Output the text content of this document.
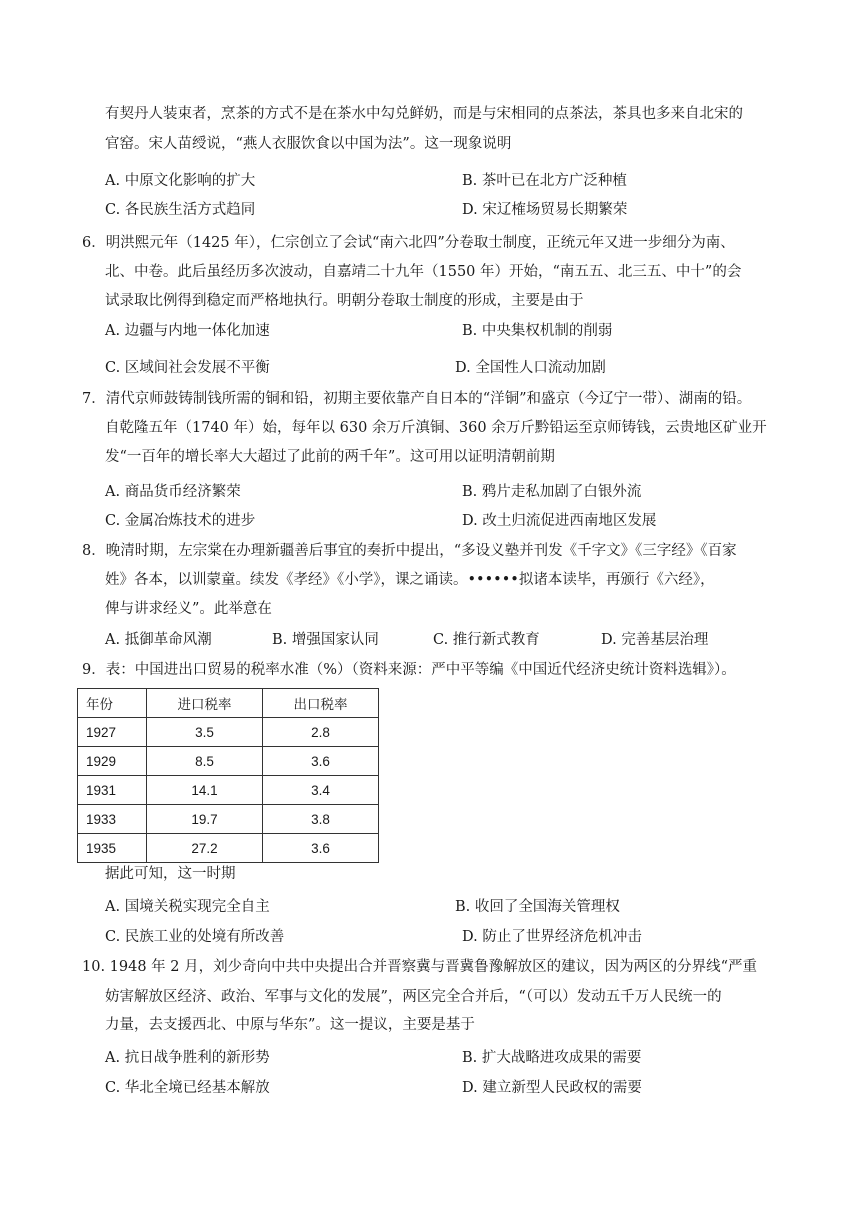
有契丹人装束者，烹茶的方式不是在茶水中勾兑鲜奶，而是与宋相同的点茶法，茶具也多来自北宋的
官窑。宋人苗绶说，“燕人衣服饮食以中国为法”。这一现象说明
A. 中原文化影响的扩大	B. 茶叶已在北方广泛种植
C. 各民族生活方式趋同	D. 宋辽榷场贸易长期繁荣
6．明洪熙元年（1425 年），仁宗创立了会试“南六北四”分卷取士制度，正统元年又进一步细分为南、
北、中卷。此后虽经历多次波动，自嘉靖二十九年（1550 年）开始，“南五五、北三五、中十”的会
试录取比例得到稳定而严格地执行。明朝分卷取士制度的形成，主要是由于
A. 边疆与内地一体化加速	B. 中央集权机制的削弱
C. 区域间社会发展不平衡	D. 全国性人口流动加剧
7．清代京师鼓铸制钱所需的铜和铅，初期主要依靠产自日本的“洋铜”和盛京（今辽宁一带）、湖南的铅。
自乾隆五年（1740 年）始，每年以 630 余万斤滇铜、360 余万斤黔铅运至京师铸钱，云贵地区矿业开
发“一百年的增长率大大超过了此前的两千年”。这可用以证明清朝前期
A. 商品货币经济繁荣	B. 鸦片走私加剧了白银外流
C. 金属冶炼技术的进步	D. 改土归流促进西南地区发展
8．晚清时期，左宗棠在办理新疆善后事宜的奏折中提出，“多设义塾并刊发《千字文》《三字经》《百家
姓》各本，以训蒙童。续发《孝经》《小学》，课之诵读。••••••拟诸本读毕，再颁行《六经》，
俾与讲求经义”。此举意在
A. 抵御革命风潮	B. 增强国家认同	C. 推行新式教育	D. 完善基层治理
9．表：中国进出口贸易的税率水准（%）（资料来源：严中平等编《中国近代经济史统计资料选辑》）。
年份	进口税率	出口税率
1927	3.5	2.8
1929	8.5	3.6
1931	14.1	3.4
1933	19.7	3.8
1935	27.2	3.6
据此可知，这一时期
A. 国境关税实现完全自主	B. 收回了全国海关管理权
C. 民族工业的处境有所改善	D. 防止了世界经济危机冲击
10. 1948 年 2 月，刘少奇向中共中央提出合并晋察冀与晋冀鲁豫解放区的建议，因为两区的分界线“严重
妨害解放区经济、政治、军事与文化的发展”，两区完全合并后，“（可以）发动五千万人民统一的
力量，去支援西北、中原与华东”。这一提议，主要是基于
A. 抗日战争胜利的新形势	B. 扩大战略进攻成果的需要
C. 华北全境已经基本解放	D. 建立新型人民政权的需要
